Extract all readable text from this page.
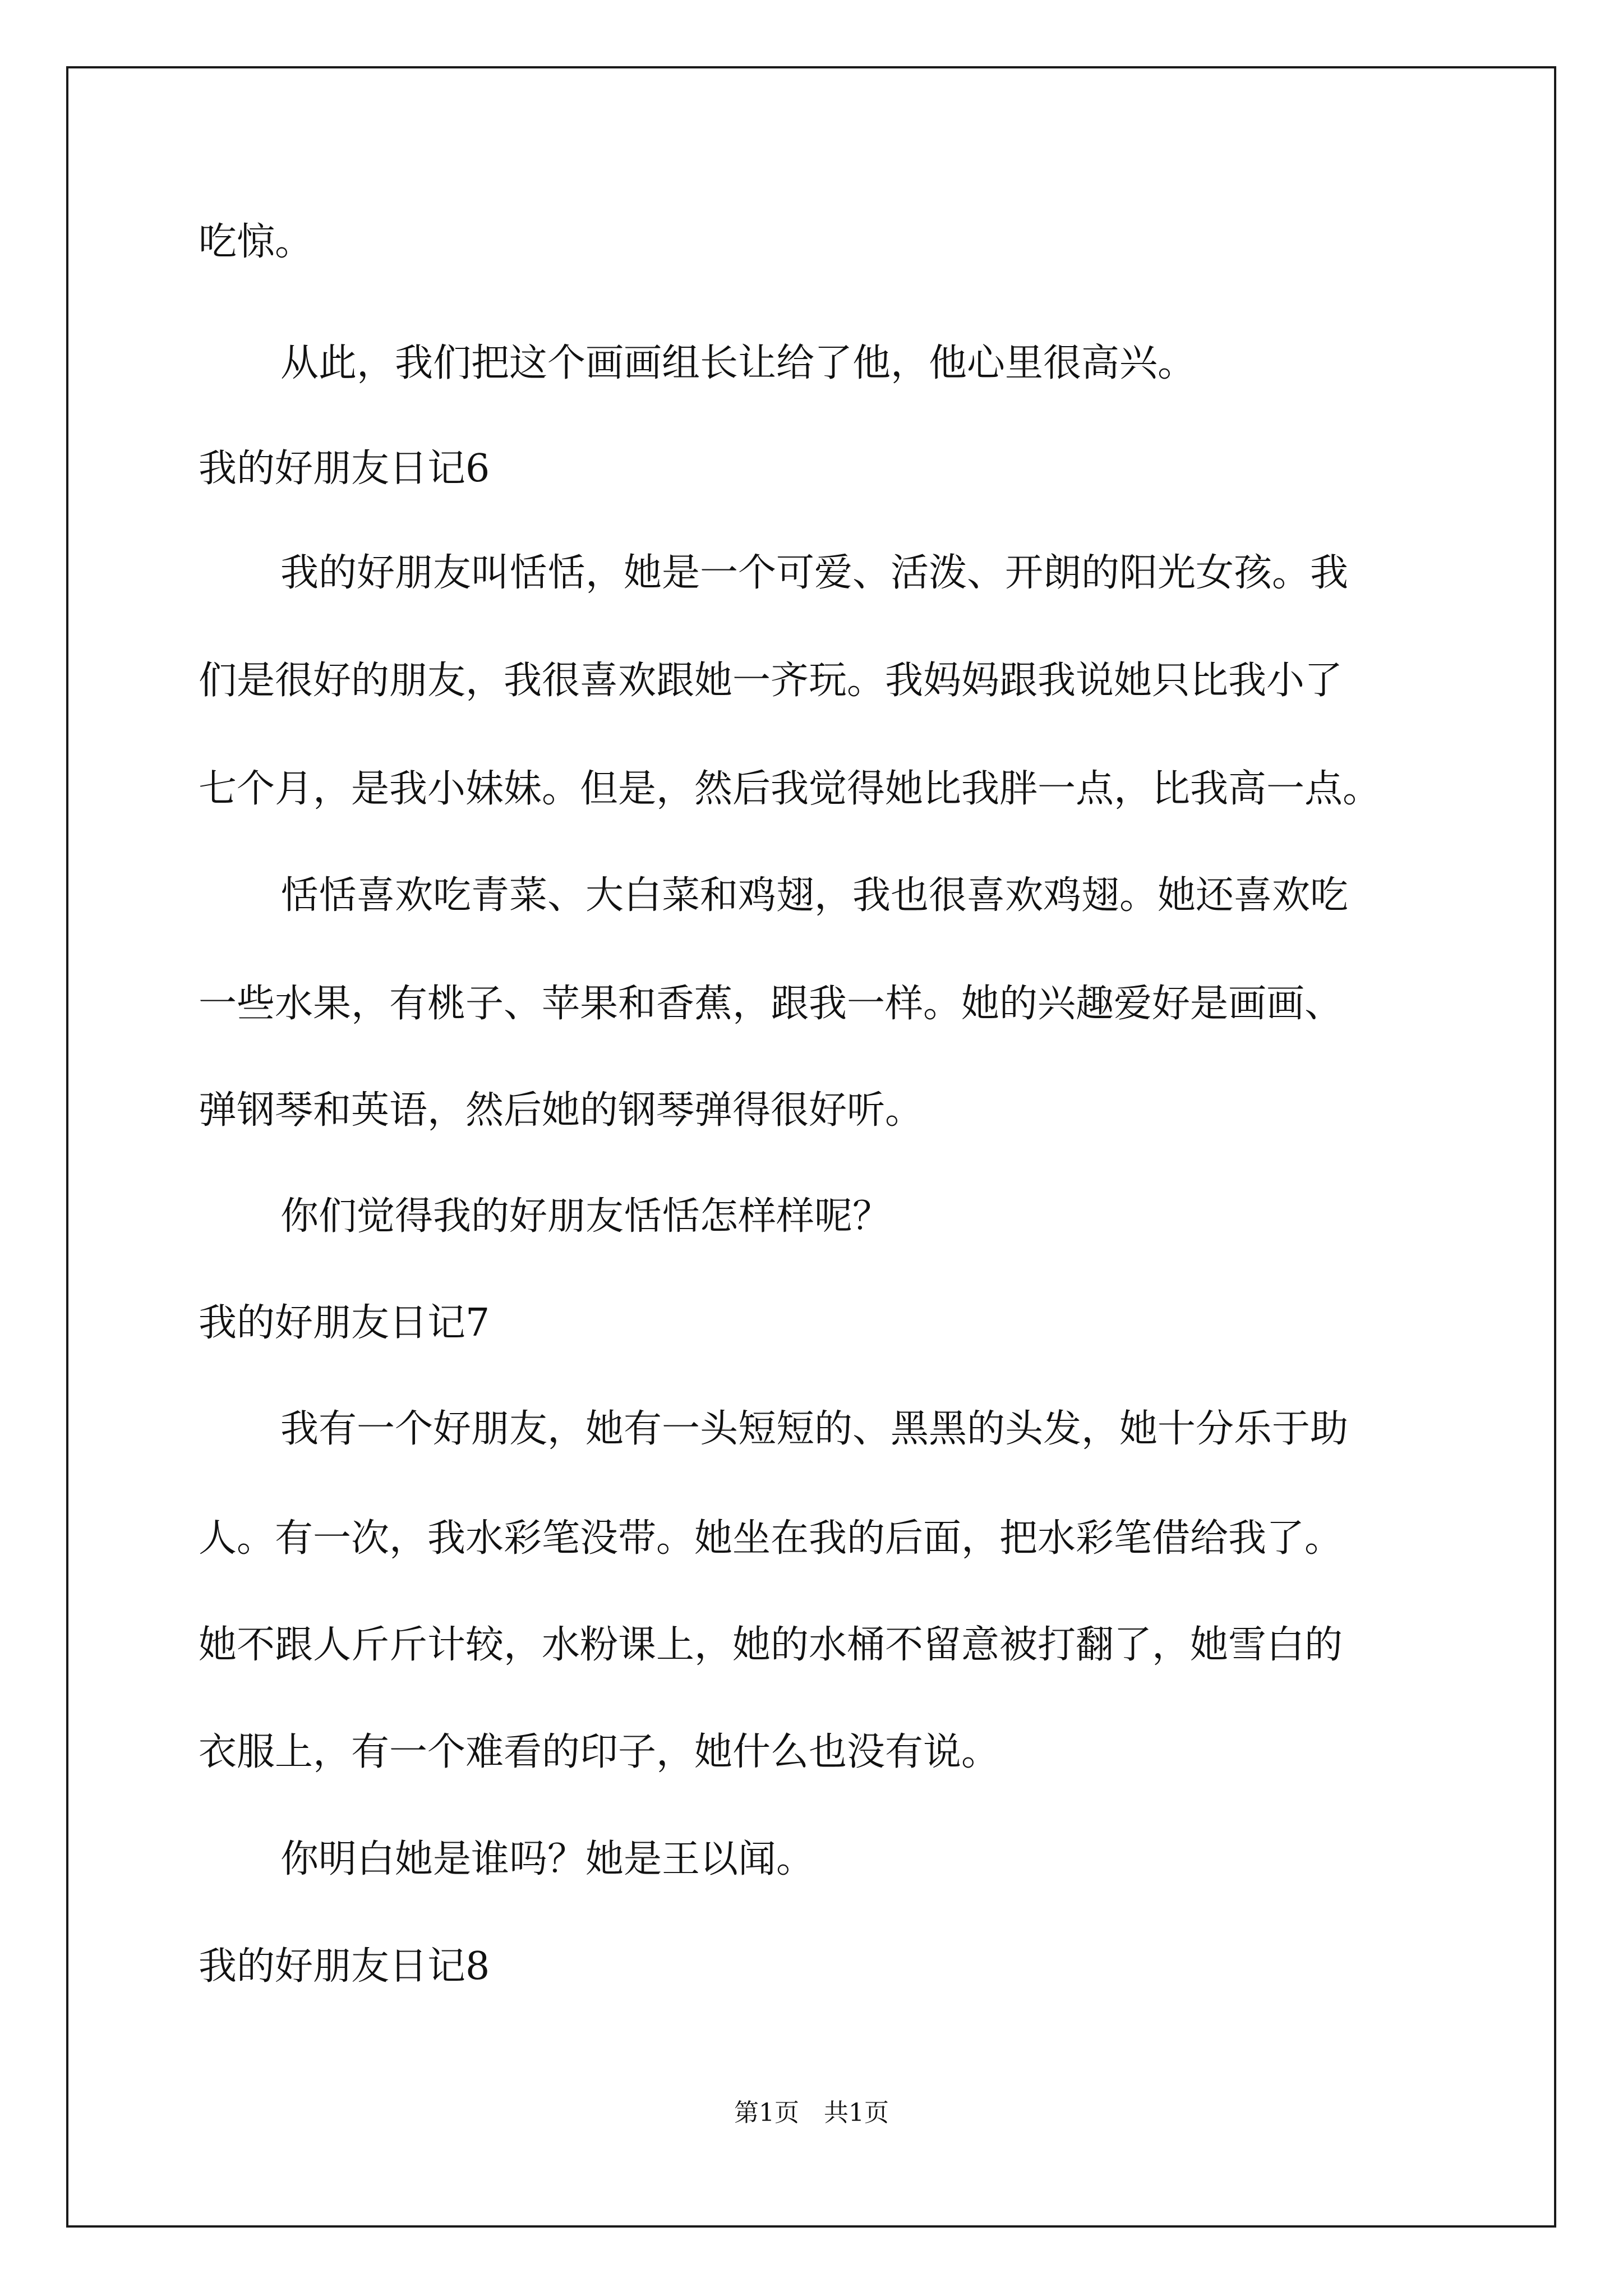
吃惊。
从此，我们把这个画画组长让给了他，他心里很高兴。
我的好朋友日记6
我的好朋友叫恬恬，她是一个可爱、活泼、开朗的阳光女孩。我
们是很好的朋友，我很喜欢跟她一齐玩。我妈妈跟我说她只比我小了
七个月，是我小妹妹。但是，然后我觉得她比我胖一点，比我高一点。
恬恬喜欢吃青菜、大白菜和鸡翅，我也很喜欢鸡翅。她还喜欢吃
一些水果，有桃子、苹果和香蕉，跟我一样。她的兴趣爱好是画画、
弹钢琴和英语，然后她的钢琴弹得很好听。
你们觉得我的好朋友恬恬怎样样呢？
我的好朋友日记7
我有一个好朋友，她有一头短短的、黑黑的头发，她十分乐于助
人。有一次，我水彩笔没带。她坐在我的后面，把水彩笔借给我了。
她不跟人斤斤计较，水粉课上，她的水桶不留意被打翻了，她雪白的
衣服上，有一个难看的印子，她什么也没有说。
你明白她是谁吗？她是王以闻。
我的好朋友日记8
第1页　共1页
